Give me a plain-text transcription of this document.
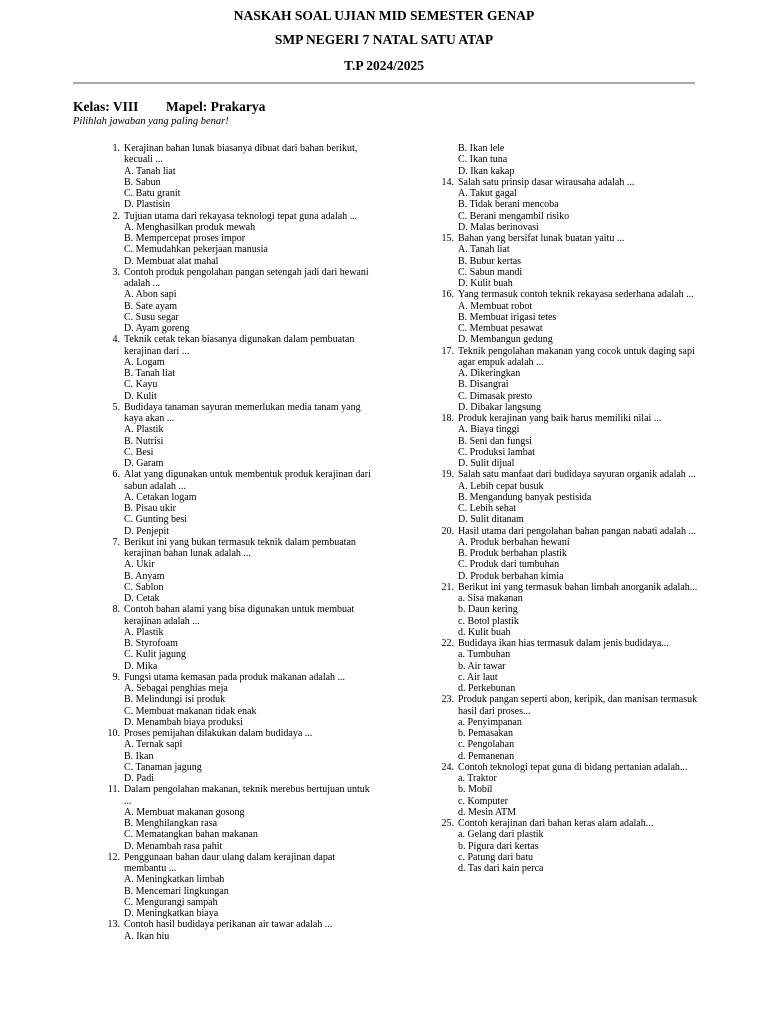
NASKAH SOAL UJIAN MID SEMESTER GENAP
SMP NEGERI 7 NATAL SATU ATAP
T.P 2024/2025
Kelas: VIII Mapel: Prakarya
Pilihlah jawaban yang paling benar!
1. Kerajinan bahan lunak biasanya dibuat dari bahan berikut, kecuali ...
A. Tanah liat
B. Sabun
C. Batu granit
D. Plastisin
2. Tujuan utama dari rekayasa teknologi tepat guna adalah ...
A. Menghasilkan produk mewah
B. Mempercepat proses impor
C. Memudahkan pekerjaan manusia
D. Membuat alat mahal
3. Contoh produk pengolahan pangan setengah jadi dari hewani adalah ...
A. Abon sapi
B. Sate ayam
C. Susu segar
D. Ayam goreng
4. Teknik cetak tekan biasanya digunakan dalam pembuatan kerajinan dari ...
A. Logam
B. Tanah liat
C. Kayu
D. Kulit
5. Budidaya tanaman sayuran memerlukan media tanam yang kaya akan ...
A. Plastik
B. Nutrisi
C. Besi
D. Garam
6. Alat yang digunakan untuk membentuk produk kerajinan dari sabun adalah ...
A. Cetakan logam
B. Pisau ukir
C. Gunting besi
D. Penjepit
7. Berikut ini yang bukan termasuk teknik dalam pembuatan kerajinan bahan lunak adalah ...
A. Ukir
B. Anyam
C. Sablon
D. Cetak
8. Contoh bahan alami yang bisa digunakan untuk membuat kerajinan adalah ...
A. Plastik
B. Styrofoam
C. Kulit jagung
D. Mika
9. Fungsi utama kemasan pada produk makanan adalah ...
A. Sebagai penghias meja
B. Melindungi isi produk
C. Membuat makanan tidak enak
D. Menambah biaya produksi
10. Proses pemijahan dilakukan dalam budidaya ...
A. Ternak sapi
B. Ikan
C. Tanaman jagung
D. Padi
11. Dalam pengolahan makanan, teknik merebus bertujuan untuk ...
A. Membuat makanan gosong
B. Menghilangkan rasa
C. Mematangkan bahan makanan
D. Menambah rasa pahit
12. Penggunaan bahan daur ulang dalam kerajinan dapat membantu ...
A. Meningkatkan limbah
B. Mencemari lingkungan
C. Mengurangi sampah
D. Meningkatkan biaya
13. Contoh hasil budidaya perikanan air tawar adalah ...
A. Ikan hiu
B. Ikan lele
C. Ikan tuna
D. Ikan kakap
14. Salah satu prinsip dasar wirausaha adalah ...
A. Takut gagal
B. Tidak berani mencoba
C. Berani mengambil risiko
D. Malas berinovasi
15. Bahan yang bersifat lunak buatan yaitu ...
A. Tanah liat
B. Bubur kertas
C. Sabun mandi
D. Kulit buah
16. Yang termasuk contoh teknik rekayasa sederhana adalah ...
A. Membuat robot
B. Membuat irigasi tetes
C. Membuat pesawat
D. Membangun gedung
17. Teknik pengolahan makanan yang cocok untuk daging sapi agar empuk adalah ...
A. Dikeringkan
B. Disangrai
C. Dimasak presto
D. Dibakar langsung
18. Produk kerajinan yang baik harus memiliki nilai ...
A. Biaya tinggi
B. Seni dan fungsi
C. Produksi lambat
D. Sulit dijual
19. Salah satu manfaat dari budidaya sayuran organik adalah ...
A. Lebih cepat busuk
B. Mengandung banyak pestisida
C. Lebih sehat
D. Sulit ditanam
20. Hasil utama dari pengolahan bahan pangan nabati adalah ...
A. Produk berbahan hewani
B. Produk berbahan plastik
C. Produk dari tumbuhan
D. Produk berbahan kimia
21. Berikut ini yang termasuk bahan limbah anorganik adalah...
a. Sisa makanan
b. Daun kering
c. Botol plastik
d. Kulit buah
22. Budidaya ikan hias termasuk dalam jenis budidaya...
a. Tumbuhan
b. Air tawar
c. Air laut
d. Perkebunan
23. Produk pangan seperti abon, keripik, dan manisan termasuk hasil dari proses...
a. Penyimpanan
b. Pemasakan
c. Pengolahan
d. Pemanenan
24. Contoh teknologi tepat guna di bidang pertanian adalah...
a. Traktor
b. Mobil
c. Komputer
d. Mesin ATM
25. Contoh kerajinan dari bahan keras alam adalah...
a. Gelang dari plastik
b. Pigura dari kertas
c. Patung dari batu
d. Tas dari kain perca
